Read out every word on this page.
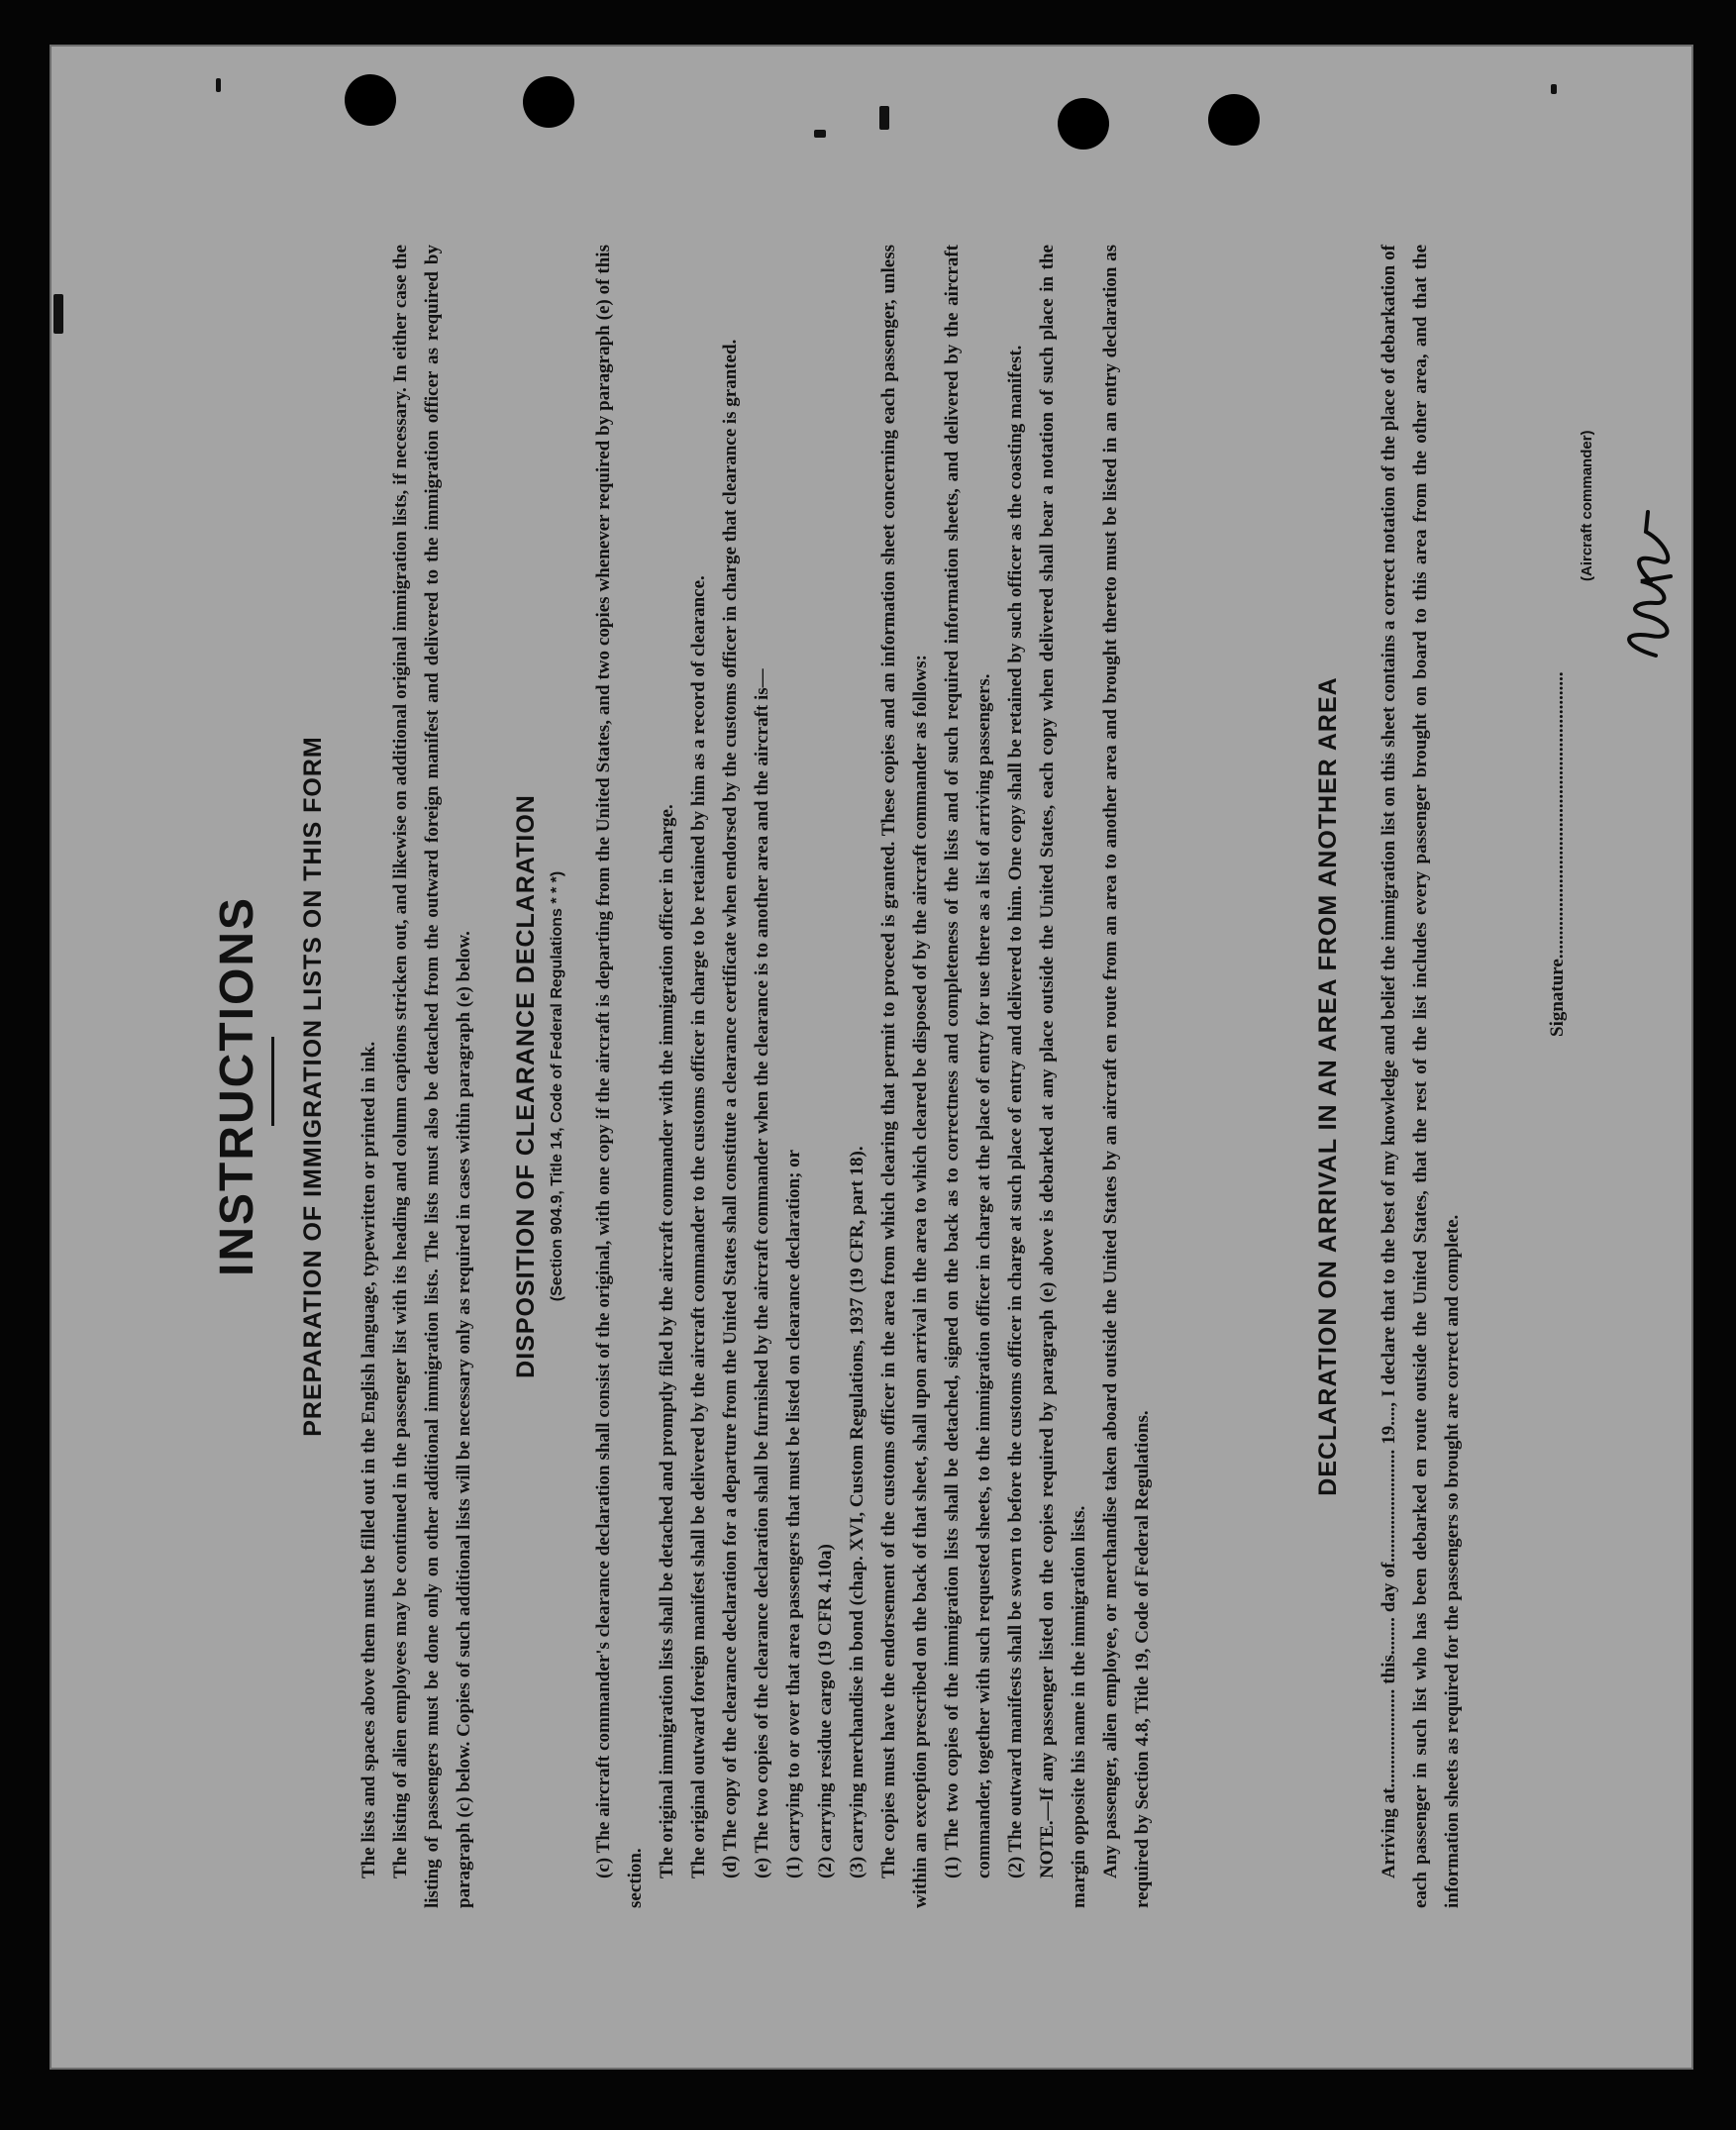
INSTRUCTIONS PREPARATION OF IMMIGRATION LISTS ON THIS FORM The lists and spaces above them must be filled out in the English language, typewritten or printed in ink. The listing of alien employees may be continued in the passenger list with its heading and column captions stricken out, and likewise on additional original immigration lists, if necessary. In either case the listing of passengers must be done only on other additional immigration lists. The lists must also be detached from the outward foreign manifest and delivered to the immigration officer as required by paragraph (c) below. Copies of such additional lists will be necessary only as required in cases within paragraph (e) below. DISPOSITION OF CLEARANCE DECLARATION (Section 904.9, Title 14, Code of Federal Regulations * * *) (c) The aircraft commander's clearance declaration shall consist of the original, with one copy if the aircraft is departing from the United States, and two copies whenever required by paragraph (e) of this section. The original immigration lists shall be detached and promptly filed by the aircraft commander with the immigration officer in charge. The original outward foreign manifest shall be delivered by the aircraft commander to the customs officer in charge to be retained by him as a record of clearance. (d) The copy of the clearance declaration for a departure from the United States shall constitute a clearance certificate when endorsed by the customs officer in charge that clearance is granted. (e) The two copies of the clearance declaration shall be furnished by the aircraft commander when the clearance is to another area and the aircraft is— (1) carrying to or over that area passengers that must be listed on clearance declaration; or (2) carrying residue cargo (19 CFR 4.10a) (3) carrying merchandise in bond (chap. XVI, Custom Regulations, 1937 (19 CFR, part 18). The copies must have the endorsement of the customs officer in the area from which clearing that permit to proceed is granted. These copies and an information sheet concerning each passenger, unless within an exception prescribed on the back of that sheet, shall upon arrival in the area to which cleared be disposed of by the aircraft commander as follows: (1) The two copies of the immigration lists shall be detached, signed on the back as to correctness and completeness of the lists and of such required information sheets, and delivered by the aircraft commander, together with such requested sheets, to the immigration officer in charge at the place of entry for use there as a list of arriving passengers. (2) The outward manifests shall be sworn to before the customs officer in charge at such place of entry and delivered to him. One copy shall be retained by such officer as the coasting manifest. NOTE.—If any passenger listed on the copies required by paragraph (e) above is debarked at any place outside the United States, each copy when delivered shall bear a notation of such place in the margin opposite his name in the immigration lists. Any passenger, alien employee, or merchandise taken aboard outside the United States by an aircraft en route from an area to another area and brought thereto must be listed in an entry declaration as required by Section 4.8, Title 19, Code of Federal Regulations.

DECLARATION ON ARRIVAL IN AN AREA FROM ANOTHER AREA Arriving at..................... this........ day of........................ 19...., I declare that to the best of my knowledge and belief the immigration list on this sheet contains a correct notation of the place of debarkation of each passenger in such list who has been debarked en route outside the United States, that the rest of the list includes every passenger brought on board to this area from the other area, and that the information sheets as required for the passengers so brought are correct and complete.

Signature.............................................................
(Aircraft commander)
